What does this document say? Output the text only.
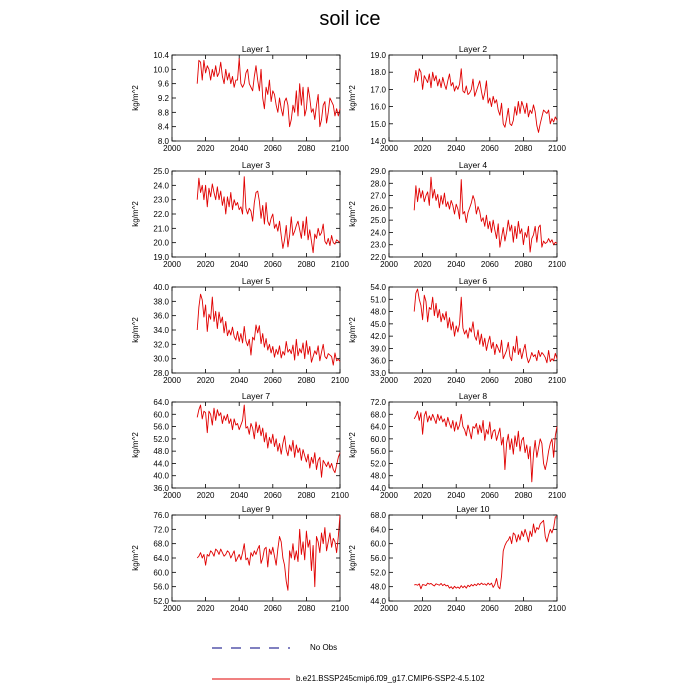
soil ice
Layer 1
kg/m^2
8.0
8.4
8.8
9.2
9.6
10.0
10.4
2000 2020 2040 2060 2080 2100
Layer 2
kg/m^2
14.0
15.0
16.0
17.0
18.0
19.0
2000 2020 2040 2060 2080 2100
Layer 3
kg/m^2
19.0
20.0
21.0
22.0
23.0
24.0
25.0
2000 2020 2040 2060 2080 2100
Layer 4
kg/m^2
22.0
23.0
24.0
25.0
26.0
27.0
28.0
29.0
2000 2020 2040 2060 2080 2100
Layer 5
kg/m^2
28.0
30.0
32.0
34.0
36.0
38.0
40.0
2000 2020 2040 2060 2080 2100
Layer 6
kg/m^2
33.0
36.0
39.0
42.0
45.0
48.0
51.0
54.0
2000 2020 2040 2060 2080 2100
Layer 7
kg/m^2
36.0
40.0
44.0
48.0
52.0
56.0
60.0
64.0
2000 2020 2040 2060 2080 2100
Layer 8
kg/m^2
44.0
48.0
52.0
56.0
60.0
64.0
68.0
72.0
2000 2020 2040 2060 2080 2100
Layer 9
kg/m^2
52.0
56.0
60.0
64.0
68.0
72.0
76.0
2000 2020 2040 2060 2080 2100
Layer 10
kg/m^2
44.0
48.0
52.0
56.0
60.0
64.0
68.0
2000 2020 2040 2060 2080 2100
No Obs
b.e21.BSSP245cmip6.f09_g17.CMIP6-SSP2-4.5.102
